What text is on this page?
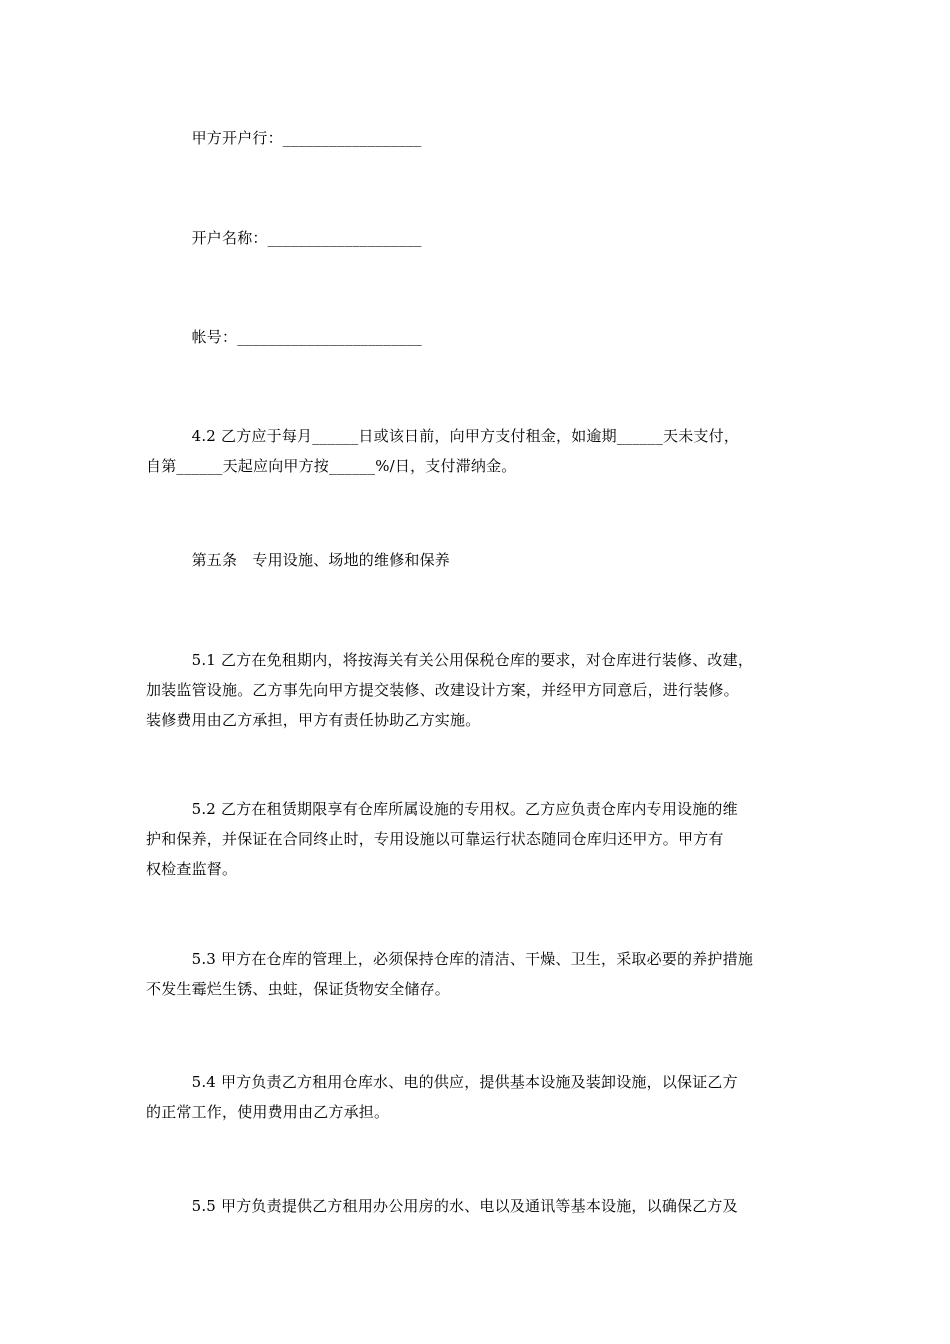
　　　甲方开户行：__________________
　　　开户名称：____________________
　　　帐号：________________________
　　　4.2 乙方应于每月______日或该日前，向甲方支付租金，如逾期______天未支付，
自第______天起应向甲方按______%/日，支付滞纳金。
　　　第五条　专用设施、场地的维修和保养
　　　5.1 乙方在免租期内，将按海关有关公用保税仓库的要求，对仓库进行装修、改建，
加装监管设施。乙方事先向甲方提交装修、改建设计方案，并经甲方同意后，进行装修。
装修费用由乙方承担，甲方有责任协助乙方实施。
　　　5.2 乙方在租赁期限享有仓库所属设施的专用权。乙方应负责仓库内专用设施的维
护和保养，并保证在合同终止时，专用设施以可靠运行状态随同仓库归还甲方。甲方有
权检查监督。
　　　5.3 甲方在仓库的管理上，必须保持仓库的清洁、干燥、卫生，采取必要的养护措施
不发生霉烂生锈、虫蛀，保证货物安全储存。
　　　5.4 甲方负责乙方租用仓库水、电的供应，提供基本设施及装卸设施，以保证乙方
的正常工作，使用费用由乙方承担。
　　　5.5 甲方负责提供乙方租用办公用房的水、电以及通讯等基本设施，以确保乙方及
